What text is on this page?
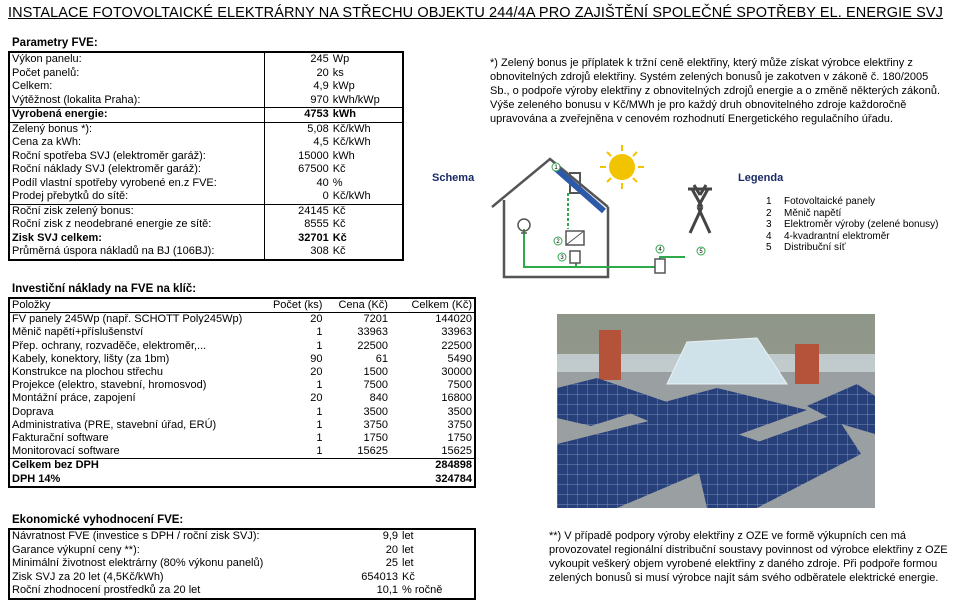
INSTALACE FOTOVOLTAICKÉ ELEKTRÁRNY NA STŘECHU OBJEKTU 244/4A PRO ZAJIŠTĚNÍ SPOLEČNÉ SPOTŘEBY EL. ENERGIE SVJ
Parametry FVE:
Výkon panelu:	245	Wp
Počet panelů:	20	ks
Celkem:	4,9	kWp
Výtěžnost (lokalita Praha):	970	kWh/kWp
Vyrobená energie:	4753	kWh
Zelený bonus *):	5,08	Kč/kWh
Cena za kWh:	4,5	Kč/kWh
Roční spotřeba SVJ (elektroměr garáž):	15000	kWh
Roční náklady SVJ (elektroměr garáž):	67500	Kč
Podíl vlastní spotřeby vyrobené en.z FVE:	40	%
Prodej přebytků do sítě:	0	Kč/kWh
Roční zisk zelený bonus:	24145	Kč
Roční zisk z neodebrané energie ze sítě:	8555	Kč
Zisk SVJ celkem:	32701	Kč
Průměrná úspora nákladů na BJ (106BJ):	308	Kč
Investiční náklady na FVE na klíč:
Položky	Počet (ks)	Cena (Kč)	Celkem (Kč)
FV panely 245Wp (např. SCHOTT Poly245Wp)	20	7201	144020
Měnič napětí+příslušenství	1	33963	33963
Přep. ochrany, rozvaděče, elektroměr,...	1	22500	22500
Kabely, konektory, lišty (za 1bm)	90	61	5490
Konstrukce na plochou střechu	20	1500	30000
Projekce (elektro, stavební, hromosvod)	1	7500	7500
Montážní práce, zapojení	20	840	16800
Doprava	1	3500	3500
Administrativa (PRE, stavební úřad, ERÚ)	1	3750	3750
Fakturační software	1	1750	1750
Monitorovací software	1	15625	15625
Celkem bez DPH			284898
DPH 14%			324784
Ekonomické vyhodnocení FVE:
Návratnost FVE (investice s DPH / roční zisk SVJ):	9,9	let
Garance výkupní ceny **):	20	let
Minimální životnost elektrárny (80% výkonu panelů)	25	let
Zisk SVJ za 20 let (4,5Kč/kWh)	654013	Kč
Roční zhodnocení prostředků za 20 let	10,1	% ročně
*) Zelený bonus je příplatek k tržní ceně elektřiny, který může získat výrobce elektřiny z obnovitelných zdrojů elektřiny. Systém zelených bonusů je zakotven v zákoně č. 180/2005 Sb., o podpoře výroby elektřiny z obnovitelných zdrojů energie a o změně některých zákonů. Výše zeleného bonusu v Kč/MWh je pro každý druh obnovitelného zdroje každoročně upravována a zveřejněna v cenovém rozhodnutí Energetického regulačního úřadu.
Schema	Legenda
1
2
3
4	5
1 Fotovoltaické panely
2 Měnič napětí
3 Elektroměr výroby (zelené bonusy)
4 4-kvadrantní elektroměr
5 Distribuční síť
**) V případě podpory výroby elektřiny z OZE ve formě výkupních cen má provozovatel regionální distribuční soustavy povinnost od výrobce elektřiny z OZE vykoupit veškerý objem vyrobené elektřiny z daného zdroje. Při podpoře formou zelených bonusů si musí výrobce najít sám svého odběratele elektrické energie.
